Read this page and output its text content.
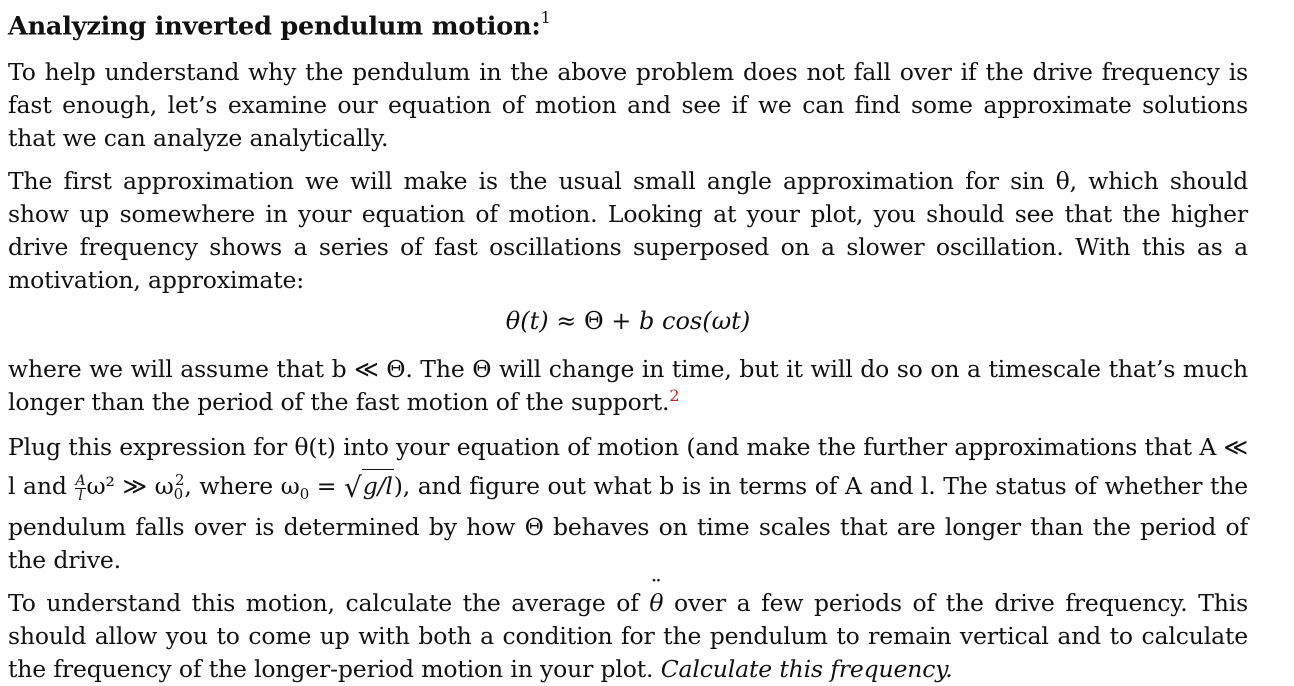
Analyzing inverted pendulum motion:$^1$

To help understand why the pendulum in the above problem does not fall over if the drive frequency is fast enough, let’s examine our equation of motion and see if we can find some approximate solutions that we can analyze analytically.

The first approximation we will make is the usual small angle approximation for sin θ, which should show up somewhere in your equation of motion. Looking at your plot, you should see that the higher drive frequency shows a series of fast oscillations superposed on a slower oscillation. With this as a motivation, approximate:

θ(t) ≈ Θ + b cos(ωt)

where we will assume that b ≪ Θ. The Θ will change in time, but it will do so on a timescale that’s much longer than the period of the fast motion of the support.$^2$

Plug this expression for θ(t) into your equation of motion (and make the further approximations that A ≪ l and $\frac{A}{l} \omega^2$ ≫ $\omega_0^2$, where $\omega_0 = √g/l$), and figure out what b is in terms of A and l. The status of whether the pendulum falls over is determined by how Θ behaves on time scales that are longer than the period of the drive.

To understand this motion, calculate the average of ¨ θ over a few periods of the drive frequency. This should allow you to come up with both a condition for the pendulum to remain vertical and to calculate the frequency of the longer-period motion in your plot. Calculate this frequency.
